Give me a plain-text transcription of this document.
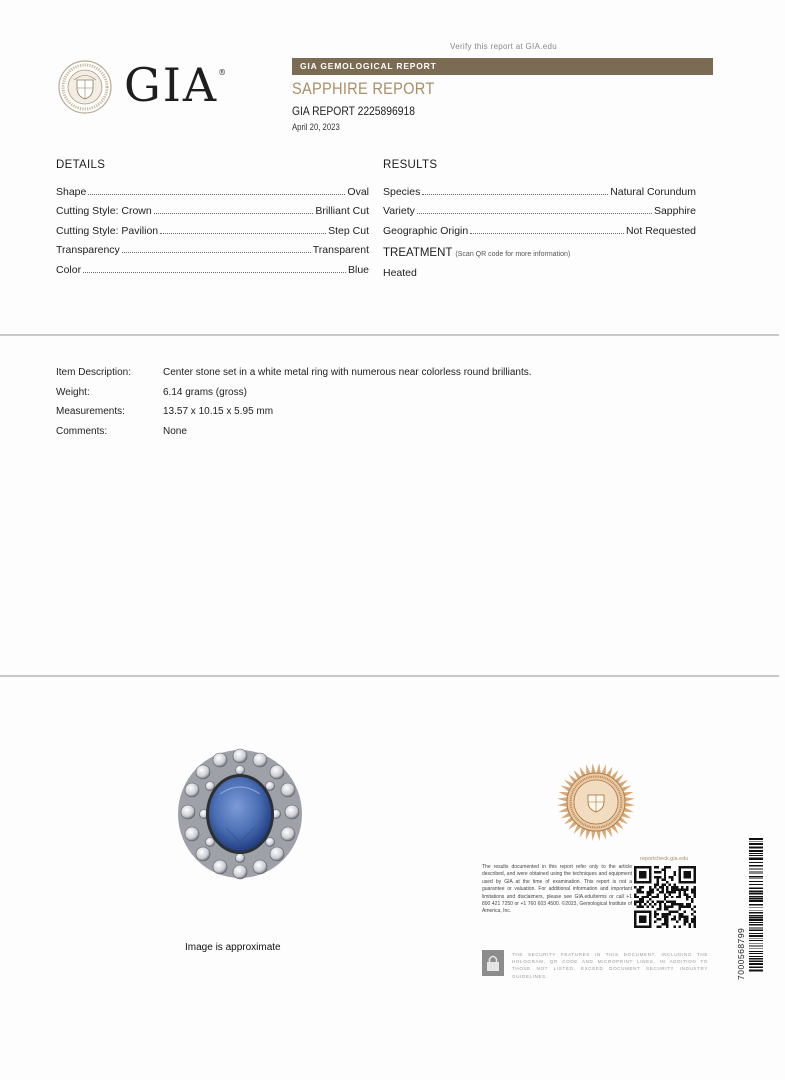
Verify this report at GIA.edu
GIA®
GIA GEMOLOGICAL REPORT
SAPPHIRE REPORT
GIA REPORT 2225896918
April 20, 2023
DETAILS
Shape	Oval
Cutting Style: Crown	Brilliant Cut
Cutting Style: Pavilion	Step Cut
Transparency	Transparent
Color	Blue
RESULTS
Species	Natural Corundum
Variety	Sapphire
Geographic Origin	Not Requested
TREATMENT (Scan QR code for more information)
Heated
Item Description:	Center stone set in a white metal ring with numerous near colorless round brilliants.
Weight:	6.14 grams (gross)
Measurements:	13.57 x 10.15 x 5.95 mm
Comments:	None
Image is approximate
reportcheck.gia.edu
The results documented in this report refer only to the article described, and were obtained using the techniques and equipment used by GIA at the time of examination. This report is not a guarantee or valuation. For additional information and important limitations and disclaimers, please see GIA.edu/terms or call +1 800 421 7250 or +1 760 603 4500. ©2023, Gemological Institute of America, Inc.
THE SECURITY FEATURES IN THIS DOCUMENT, INCLUDING THE HOLOGRAM, QR CODE AND MICROPRINT LINES, IN ADDITION TO THOSE NOT LISTED, EXCEED DOCUMENT SECURITY INDUSTRY GUIDELINES.	7000568799
